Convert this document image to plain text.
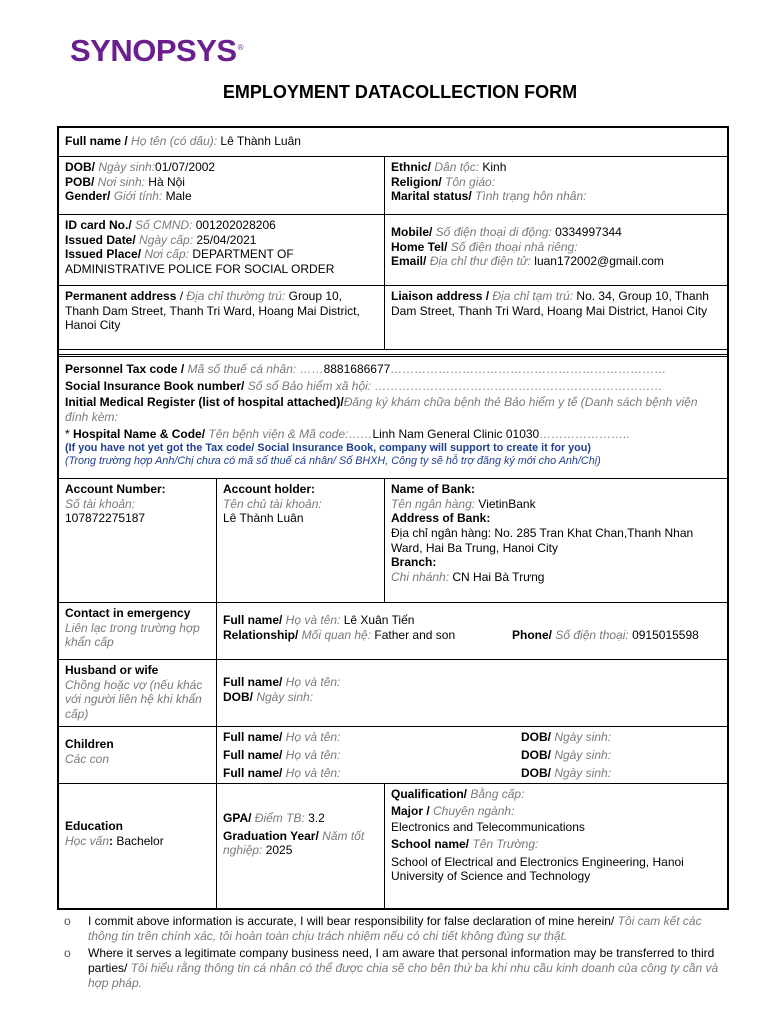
SYNOPSYS®
EMPLOYMENT DATACOLLECTION FORM
Full name / Họ tên (có dấu): Lê Thành Luân
DOB/ Ngày sinh:01/07/2002
POB/ Nơi sinh: Hà Nội
Gender/ Giới tính: Male
Ethnic/ Dân tộc: Kinh
Religion/ Tôn giáo:
Marital status/ Tình trạng hôn nhân:
ID card No./ Số CMND: 001202028206
Issued Date/ Ngày cấp: 25/04/2021
Issued Place/ Nơi cấp: DEPARTMENT OF ADMINISTRATIVE POLICE FOR SOCIAL ORDER
Mobile/ Số điện thoại di động: 0334997344
Home Tel/ Số điện thoại nhà riêng:
Email/ Địa chỉ thư điện tử: luan172002@gmail.com
Permanent address / Địa chỉ thường trú: Group 10, Thanh Dam Street, Thanh Tri Ward, Hoang Mai District, Hanoi City
Liaison address / Địa chỉ tạm trú: No. 34, Group 10, Thanh Dam Street, Thanh Tri Ward, Hoang Mai District, Hanoi City
Personnel Tax code / Mã số thuế cá nhân: ……8881686677……………………………………………………………
Social Insurance Book number/ Số sổ Bảo hiểm xã hội: ………………………………………………………………
Initial Medical Register (list of hospital attached)/Đăng ký khám chữa bệnh thẻ Bảo hiểm y tế (Danh sách bệnh viện đính kèm:
* Hospital Name & Code/ Tên bệnh viện & Mã code:……Linh Nam General Clinic 01030…………………..
(If you have not yet got the Tax code/ Social Insurance Book, company will support to create it for you)
(Trong trường hợp Anh/Chị chưa có mã số thuế cá nhân/ Số BHXH, Công ty sẽ hỗ trợ đăng ký mới cho Anh/Chị)
Account Number:
Số tài khoản:
107872275187
Account holder:
Tên chủ tài khoản:
Lê Thành Luân
Name of Bank:
Tên ngân hàng: VietinBank
Address of Bank:
Địa chỉ ngân hàng: No. 285 Tran Khat Chan,Thanh Nhan Ward, Hai Ba Trung, Hanoi City
Branch:
Chi nhánh: CN Hai Bà Trưng
Contact in emergency
Liên lạc trong trường hợp khẩn cấp
Full name/ Họ và tên: Lê Xuân Tiến
Relationship/ Mối quan hệ: Father and son	Phone/ Số điện thoại: 0915015598
Husband or wife
Chồng hoặc vợ (nếu khác với người liên hệ khi khẩn cấp)
Full name/ Họ và tên:
DOB/ Ngày sinh:
Children
Các con
Full name/ Họ và tên:	DOB/ Ngày sinh:
Full name/ Họ và tên:	DOB/ Ngày sinh:
Full name/ Họ và tên:	DOB/ Ngày sinh:
Education
Học vấn: Bachelor
GPA/ Điểm TB: 3.2
Graduation Year/ Năm tốt nghiệp: 2025
Qualification/ Bằng cấp:
Major / Chuyên ngành:
Electronics and Telecommunications
School name/ Tên Trường:
School of Electrical and Electronics Engineering, Hanoi University of Science and Technology
o I commit above information is accurate, I will bear responsibility for false declaration of mine herein/ Tôi cam kết các thông tin trên chính xác, tôi hoàn toàn chịu trách nhiệm nếu có chi tiết không đúng sự thật.
o Where it serves a legitimate company business need, I am aware that personal information may be transferred to third parties/ Tôi hiểu rằng thông tin cá nhân có thể được chia sẽ cho bên thứ ba khi nhu cầu kinh doanh của công ty cần và hợp pháp.
